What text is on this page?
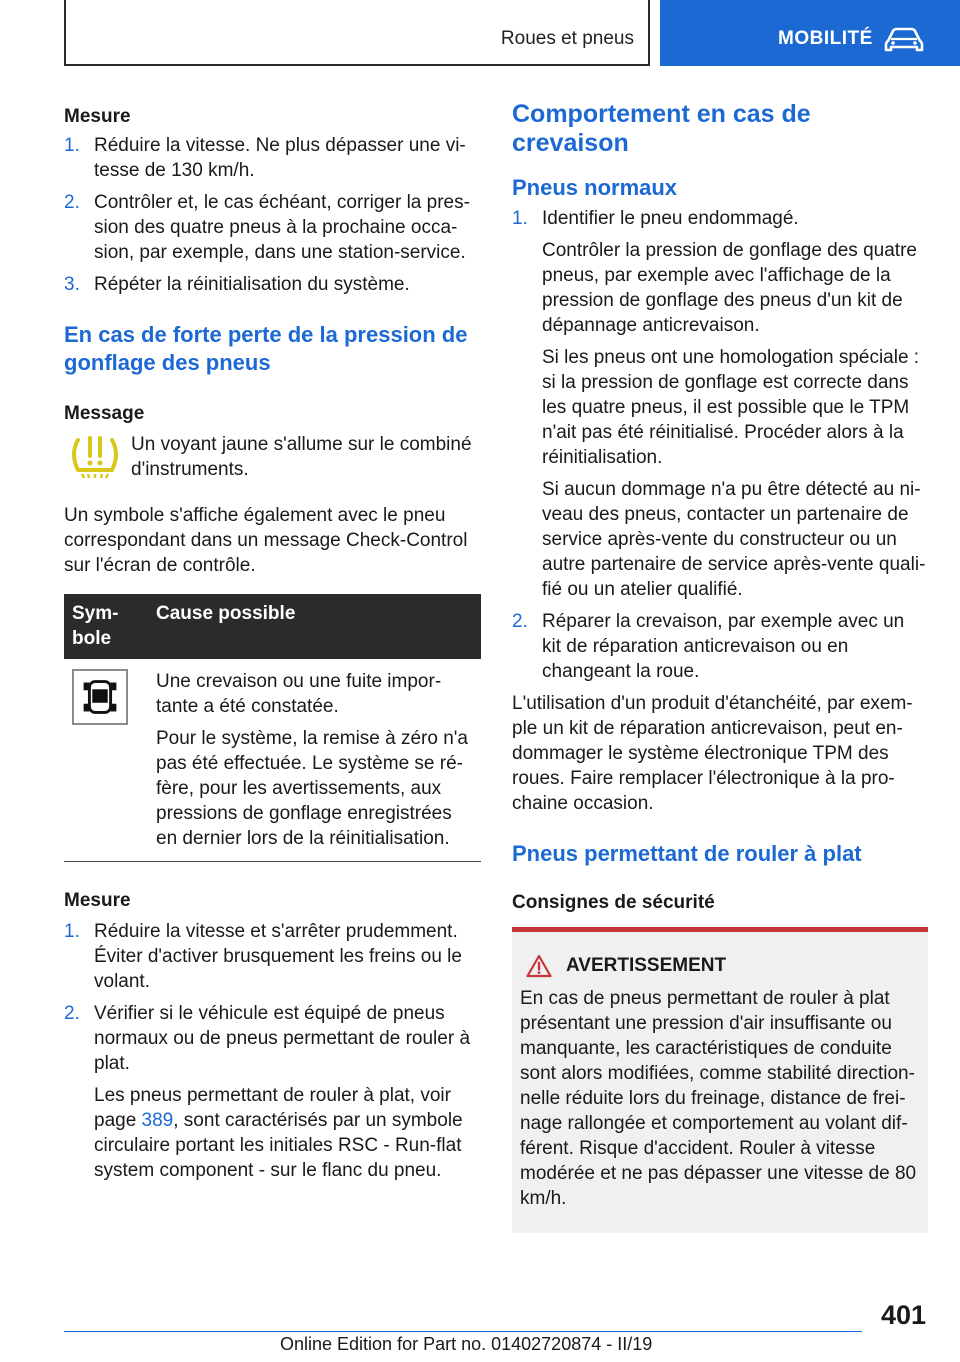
Roues et pneus	MOBILITÉ
Mesure
1. Réduire la vitesse. Ne plus dépasser une vitesse de 130 km/h.
2. Contrôler et, le cas échéant, corriger la pression des quatre pneus à la prochaine occasion, par exemple, dans une station-service.
3. Répéter la réinitialisation du système.
En cas de forte perte de la pression de gonflage des pneus
Message

Un voyant jaune s'allume sur le combiné d'instruments.

Un symbole s'affiche également avec le pneu correspondant dans un message Check-Control sur l'écran de contrôle.

Symbole	Cause possible

Une crevaison ou une fuite importante a été constatée.

Pour le système, la remise à zéro n'a pas été effectuée. Le système se réfère, pour les avertissements, aux pressions de gonflage enregistrées en dernier lors de la réinitialisation.

Mesure
1. Réduire la vitesse et s'arrêter prudemment. Éviter d'activer brusquement les freins ou le volant.
2. Vérifier si le véhicule est équipé de pneus normaux ou de pneus permettant de rouler à plat.

Les pneus permettant de rouler à plat, voir page 389, sont caractérisés par un symbole circulaire portant les initiales RSC - Run-flat system component - sur le flanc du pneu.

Comportement en cas de crevaison
Pneus normaux
1. Identifier le pneu endommagé.

Contrôler la pression de gonflage des quatre pneus, par exemple avec l'affichage de la pression de gonflage des pneus d'un kit de dépannage anticrevaison.

Si les pneus ont une homologation spéciale : si la pression de gonflage est correcte dans les quatre pneus, il est possible que le TPM n'ait pas été réinitialisé. Procéder alors à la réinitialisation.

Si aucun dommage n'a pu être détecté au niveau des pneus, contacter un partenaire de service après-vente du constructeur ou un autre partenaire de service après-vente qualifié ou un atelier qualifié.

2. Réparer la crevaison, par exemple avec un kit de réparation anticrevaison ou en changeant la roue.

L'utilisation d'un produit d'étanchéité, par exemple un kit de réparation anticrevaison, peut endommager le système électronique TPM des roues. Faire remplacer l'électronique à la prochaine occasion.

Pneus permettant de rouler à plat
Consignes de sécurité
AVERTISSEMENT

En cas de pneus permettant de rouler à plat présentant une pression d'air insuffisante ou manquante, les caractéristiques de conduite sont alors modifiées, comme stabilité directionnelle réduite lors du freinage, distance de freinage rallongée et comportement au volant différent. Risque d'accident. Rouler à vitesse modérée et ne pas dépasser une vitesse de 80 km/h.

401
Online Edition for Part no. 01402720874 - II/19
